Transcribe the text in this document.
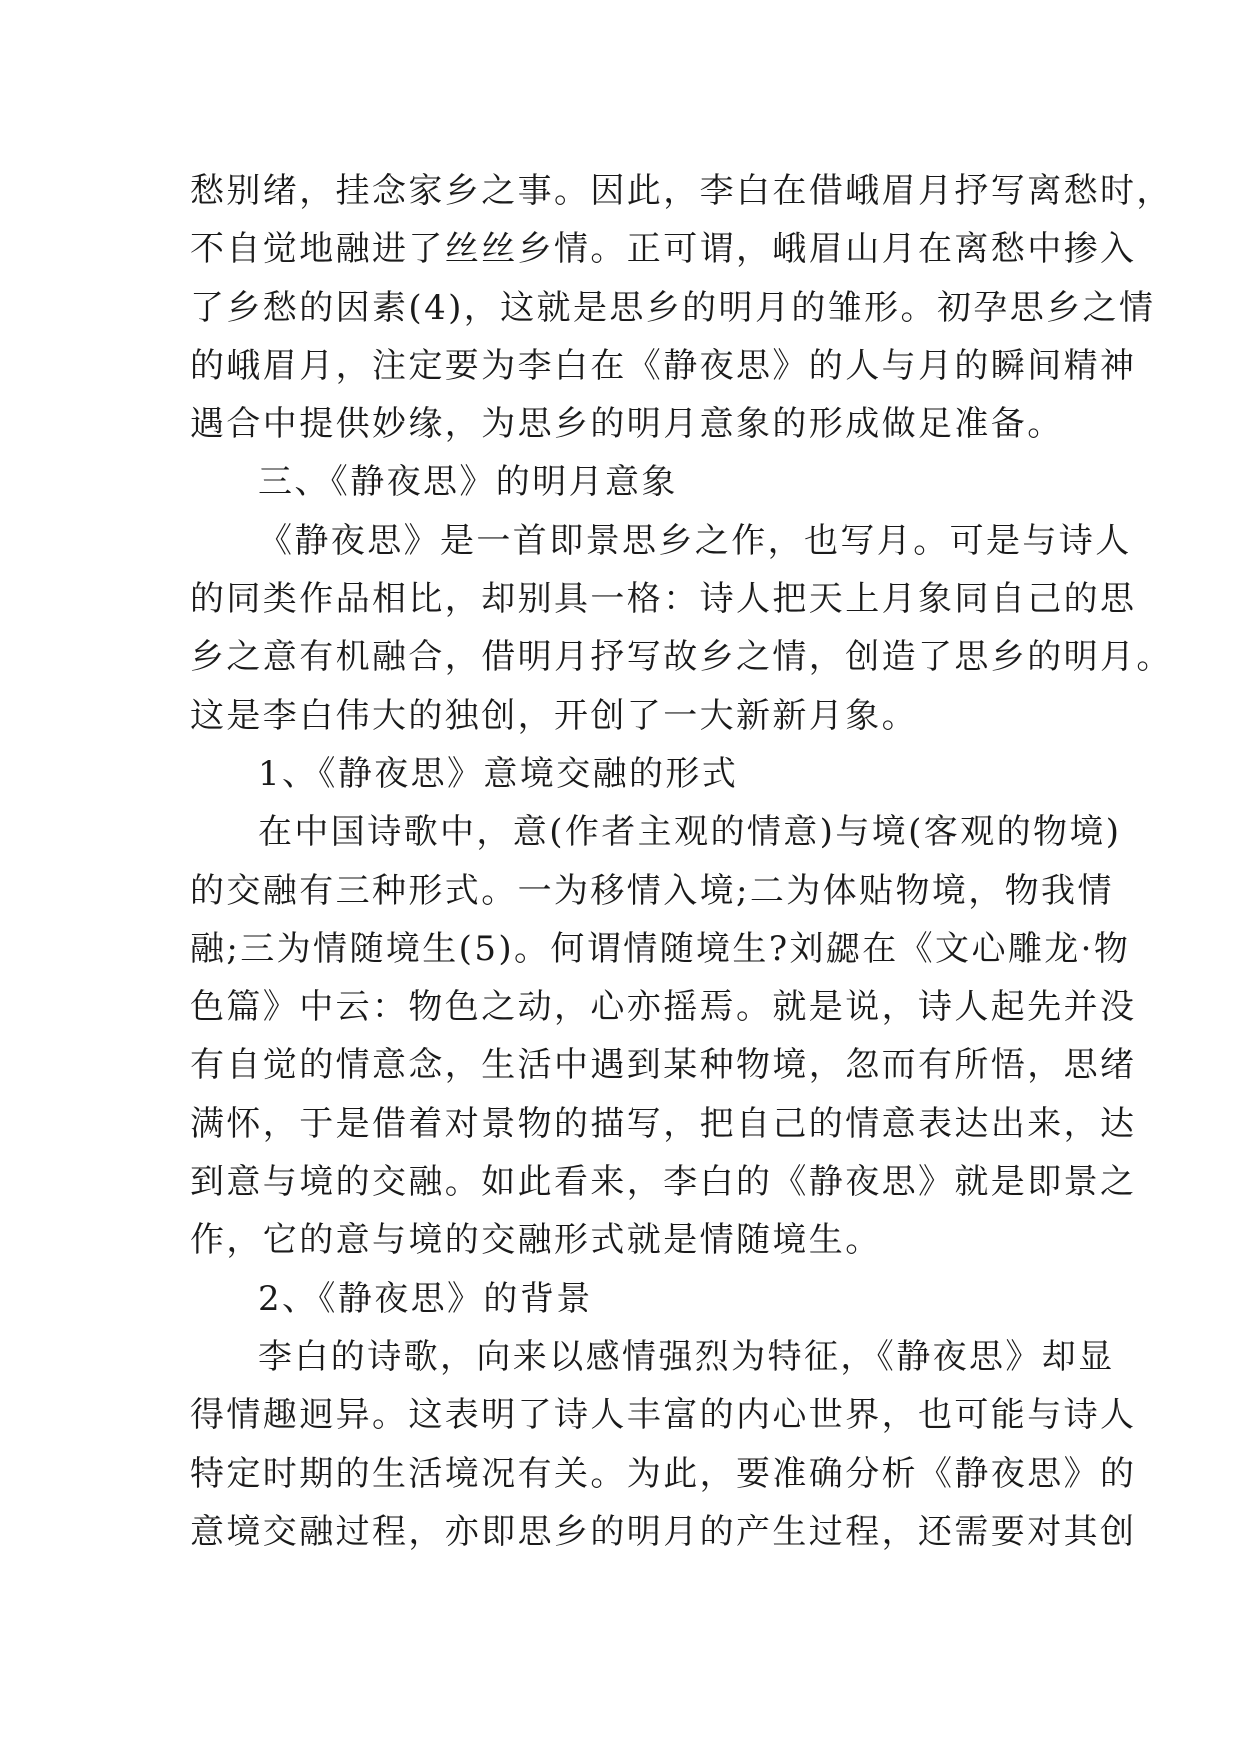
愁别绪，挂念家乡之事。因此，李白在借峨眉月抒写离愁时，
不自觉地融进了丝丝乡情。正可谓，峨眉山月在离愁中掺入
了乡愁的因素(4)，这就是思乡的明月的雏形。初孕思乡之情
的峨眉月，注定要为李白在《静夜思》的人与月的瞬间精神
遇合中提供妙缘，为思乡的明月意象的形成做足准备。
三、《静夜思》的明月意象
《静夜思》是一首即景思乡之作，也写月。可是与诗人
的同类作品相比，却别具一格：诗人把天上月象同自己的思
乡之意有机融合，借明月抒写故乡之情，创造了思乡的明月。
这是李白伟大的独创，开创了一大新新月象。
1、《静夜思》意境交融的形式
在中国诗歌中，意(作者主观的情意)与境(客观的物境)
的交融有三种形式。一为移情入境;二为体贴物境，物我情
融;三为情随境生(5)。何谓情随境生?刘勰在《文心雕龙·物
色篇》中云：物色之动，心亦摇焉。就是说，诗人起先并没
有自觉的情意念，生活中遇到某种物境，忽而有所悟，思绪
满怀，于是借着对景物的描写，把自己的情意表达出来，达
到意与境的交融。如此看来，李白的《静夜思》就是即景之
作，它的意与境的交融形式就是情随境生。
2、《静夜思》的背景
李白的诗歌，向来以感情强烈为特征，《静夜思》却显
得情趣迥异。这表明了诗人丰富的内心世界，也可能与诗人
特定时期的生活境况有关。为此，要准确分析《静夜思》的
意境交融过程，亦即思乡的明月的产生过程，还需要对其创
